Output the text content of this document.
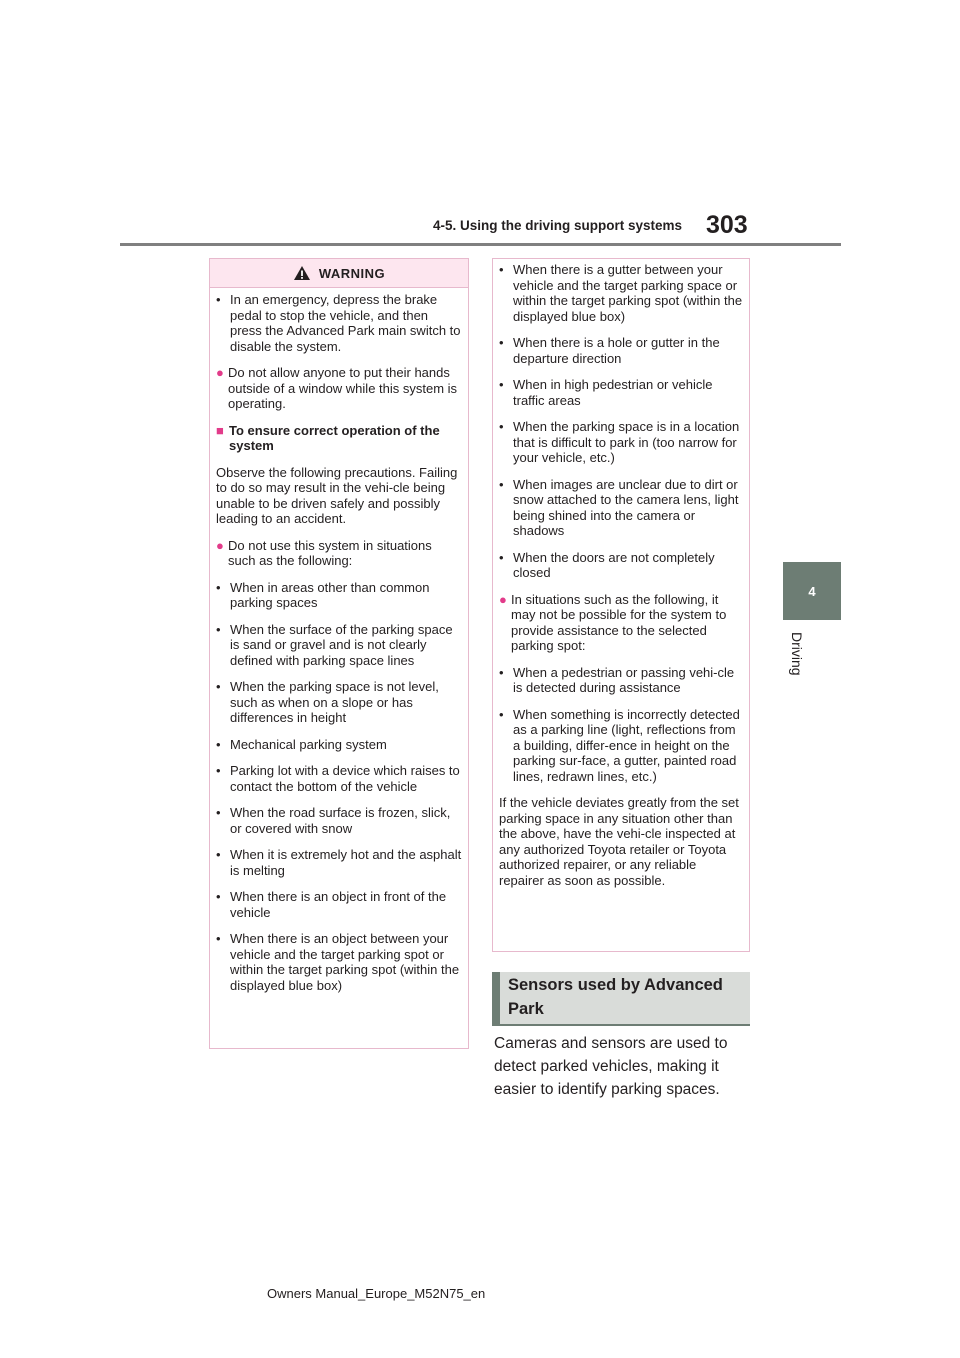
4-5. Using the driving support systems 303
4
Driving
WARNING

• In an emergency, depress the brake pedal to stop the vehicle, and then press the Advanced Park main switch to disable the system.

● Do not allow anyone to put their hands outside of a window while this system is operating.

■ To ensure correct operation of the system

Observe the following precautions. Failing to do so may result in the vehi-cle being unable to be driven safely and possibly leading to an accident.

● Do not use this system in situations such as the following:

• When in areas other than common parking spaces

• When the surface of the parking space is sand or gravel and is not clearly defined with parking space lines

• When the parking space is not level, such as when on a slope or has differences in height

• Mechanical parking system

• Parking lot with a device which raises to contact the bottom of the vehicle

• When the road surface is frozen, slick, or covered with snow

• When it is extremely hot and the asphalt is melting

• When there is an object in front of the vehicle

• When there is an object between your vehicle and the target parking spot or within the target parking spot (within the displayed blue box)

• When there is a gutter between your vehicle and the target parking space or within the target parking spot (within the displayed blue box)

• When there is a hole or gutter in the departure direction

• When in high pedestrian or vehicle traffic areas

• When the parking space is in a location that is difficult to park in (too narrow for your vehicle, etc.)

• When images are unclear due to dirt or snow attached to the camera lens, light being shined into the camera or shadows

• When the doors are not completely closed

● In situations such as the following, it may not be possible for the system to provide assistance to the selected parking spot:

• When a pedestrian or passing vehi-cle is detected during assistance

• When something is incorrectly detected as a parking line (light, reflections from a building, differ-ence in height on the parking sur-face, a gutter, painted road lines, redrawn lines, etc.)

If the vehicle deviates greatly from the set parking space in any situation other than the above, have the vehi-cle inspected at any authorized Toyota retailer or Toyota authorized repairer, or any reliable repairer as soon as possible.

Sensors used by Advanced Park

Cameras and sensors are used to detect parked vehicles, making it easier to identify parking spaces.

Owners Manual_Europe_M52N75_en
